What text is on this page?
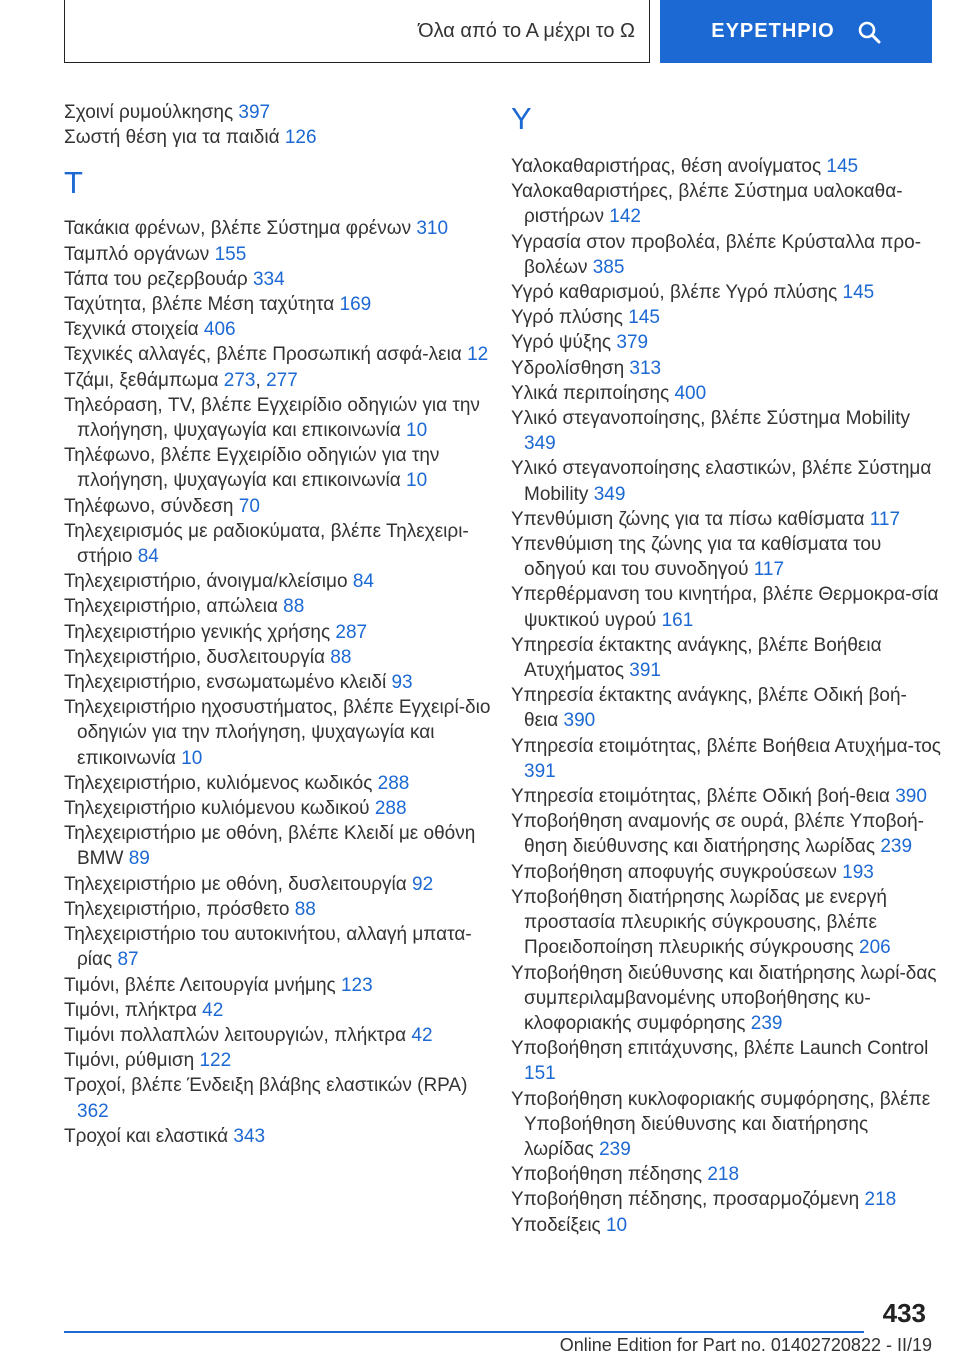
Όλα από το Α μέχρι το Ω	ΕΥΡΕΤΗΡΙΟ
Σχοινί ρυμούλκησης 397
Σωστή θέση για τα παιδιά 126
Τ
Τακάκια φρένων, βλέπε Σύστημα φρένων 310
Ταμπλό οργάνων 155
Τάπα του ρεζερβουάρ 334
Ταχύτητα, βλέπε Μέση ταχύτητα 169
Τεχνικά στοιχεία 406
Τεχνικές αλλαγές, βλέπε Προσωπική ασφά-λεια 12
Τζάμι, ξεθάμπωμα 273, 277
Τηλεόραση, TV, βλέπε Εγχειρίδιο οδηγιών για την πλοήγηση, ψυχαγωγία και επικοινωνία 10
Τηλέφωνο, βλέπε Εγχειρίδιο οδηγιών για την πλοήγηση, ψυχαγωγία και επικοινωνία 10
Τηλέφωνο, σύνδεση 70
Τηλεχειρισμός με ραδιοκύματα, βλέπε Τηλεχειρι-στήριο 84
Τηλεχειριστήριο, άνοιγμα/κλείσιμο 84
Τηλεχειριστήριο, απώλεια 88
Τηλεχειριστήριο γενικής χρήσης 287
Τηλεχειριστήριο, δυσλειτουργία 88
Τηλεχειριστήριο, ενσωματωμένο κλειδί 93
Τηλεχειριστήριο ηχοσυστήματος, βλέπε Εγχειρί-διο οδηγιών για την πλοήγηση, ψυχαγωγία και επικοινωνία 10
Τηλεχειριστήριο, κυλιόμενος κωδικός 288
Τηλεχειριστήριο κυλιόμενου κωδικού 288
Τηλεχειριστήριο με οθόνη, βλέπε Κλειδί με οθόνη BMW 89
Τηλεχειριστήριο με οθόνη, δυσλειτουργία 92
Τηλεχειριστήριο, πρόσθετο 88
Τηλεχειριστήριο του αυτοκινήτου, αλλαγή μπατα-ρίας 87
Τιμόνι, βλέπε Λειτουργία μνήμης 123
Τιμόνι, πλήκτρα 42
Τιμόνι πολλαπλών λειτουργιών, πλήκτρα 42
Τιμόνι, ρύθμιση 122
Τροχοί, βλέπε Ένδειξη βλάβης ελαστικών (RPA) 362
Τροχοί και ελαστικά 343
Υ
Υαλοκαθαριστήρας, θέση ανοίγματος 145
Υαλοκαθαριστήρες, βλέπε Σύστημα υαλοκαθα-ριστήρων 142
Υγρασία στον προβολέα, βλέπε Κρύσταλλα προ-βολέων 385
Υγρό καθαρισμού, βλέπε Υγρό πλύσης 145
Υγρό πλύσης 145
Υγρό ψύξης 379
Υδρολίσθηση 313
Υλικά περιποίησης 400
Υλικό στεγανοποίησης, βλέπε Σύστημα Mobility 349
Υλικό στεγανοποίησης ελαστικών, βλέπε Σύστημα Mobility 349
Υπενθύμιση ζώνης για τα πίσω καθίσματα 117
Υπενθύμιση της ζώνης για τα καθίσματα του οδηγού και του συνοδηγού 117
Υπερθέρμανση του κινητήρα, βλέπε Θερμοκρα-σία ψυκτικού υγρού 161
Υπηρεσία έκτακτης ανάγκης, βλέπε Βοήθεια Ατυχήματος 391
Υπηρεσία έκτακτης ανάγκης, βλέπε Οδική βοή-θεια 390
Υπηρεσία ετοιμότητας, βλέπε Βοήθεια Ατυχήμα-τος 391
Υπηρεσία ετοιμότητας, βλέπε Οδική βοή-θεια 390
Υποβοήθηση αναμονής σε ουρά, βλέπε Υποβοή-θηση διεύθυνσης και διατήρησης λωρίδας 239
Υποβοήθηση αποφυγής συγκρούσεων 193
Υποβοήθηση διατήρησης λωρίδας με ενεργή προστασία πλευρικής σύγκρουσης, βλέπε Προειδοποίηση πλευρικής σύγκρουσης 206
Υποβοήθηση διεύθυνσης και διατήρησης λωρί-δας συμπεριλαμβανομένης υποβοήθησης κυ-κλοφοριακής συμφόρησης 239
Υποβοήθηση επιτάχυνσης, βλέπε Launch Control 151
Υποβοήθηση κυκλοφοριακής συμφόρησης, βλέπε Υποβοήθηση διεύθυνσης και διατήρησης λωρίδας 239
Υποβοήθηση πέδησης 218
Υποβοήθηση πέδησης, προσαρμοζόμενη 218
Υποδείξεις 10
433
Online Edition for Part no. 01402720822 - II/19
